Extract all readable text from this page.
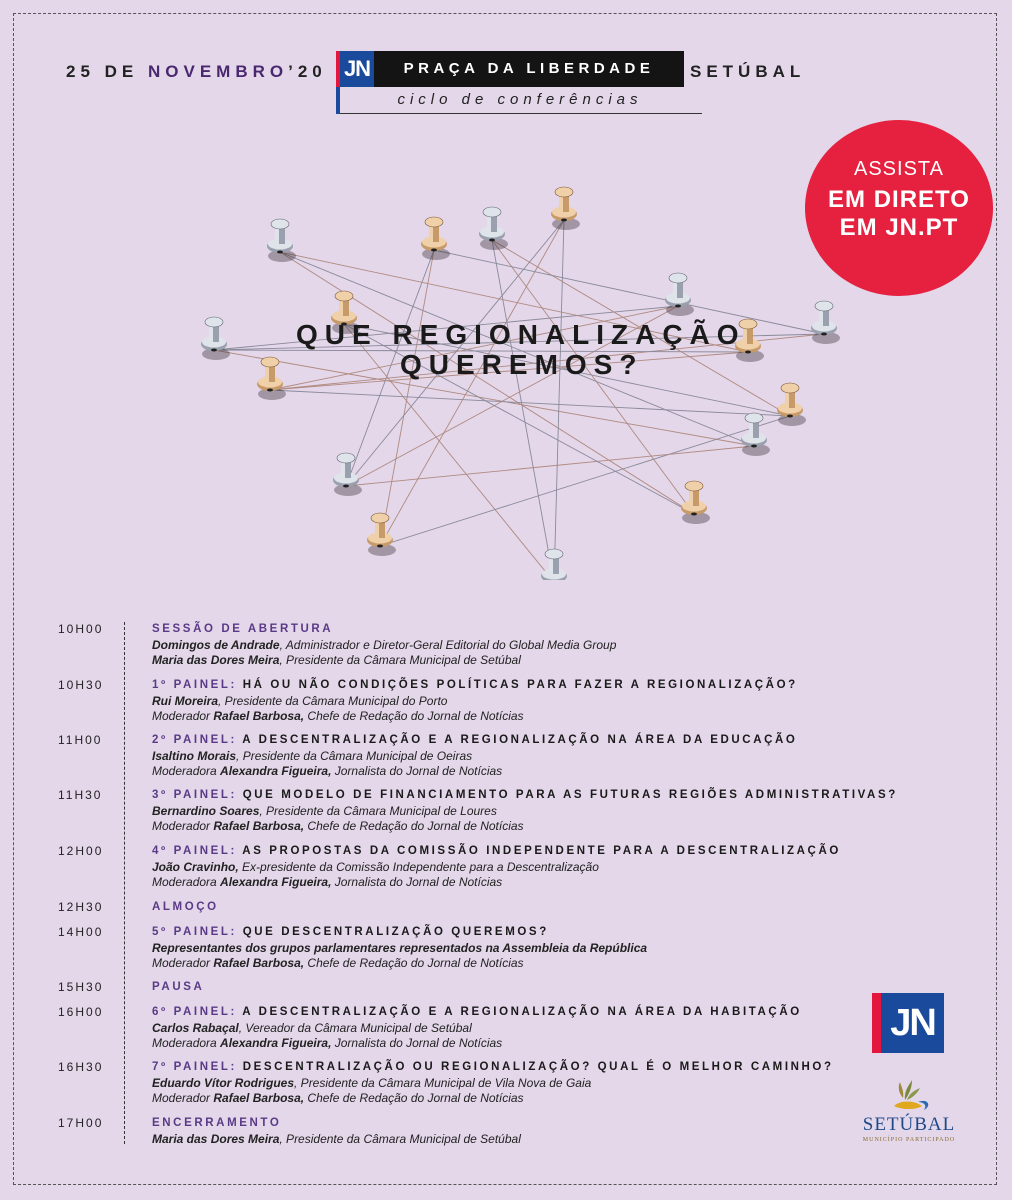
25 DE NOVEMBRO’20 JN	PRAÇA DA LIBERDADE	SETÚBAL
ciclo de conferências
ASSISTA
EM DIRETO
EM JN.PT
QUE REGIONALIZAÇÃO
QUEREMOS?
10H00	SESSÃO DE ABERTURA
Domingos de Andrade, Administrador e Diretor-Geral Editorial do Global Media Group
Maria das Dores Meira, Presidente da Câmara Municipal de Setúbal
10H30	1º PAINEL: HÁ OU NÃO CONDIÇÕES POLÍTICAS PARA FAZER A REGIONALIZAÇÃO?
Rui Moreira, Presidente da Câmara Municipal do Porto
Moderador Rafael Barbosa, Chefe de Redação do Jornal de Notícias
11H00	2º PAINEL: A DESCENTRALIZAÇÃO E A REGIONALIZAÇÃO NA ÁREA DA EDUCAÇÃO
Isaltino Morais, Presidente da Câmara Municipal de Oeiras
Moderadora Alexandra Figueira, Jornalista do Jornal de Notícias
11H30	3º PAINEL: QUE MODELO DE FINANCIAMENTO PARA AS FUTURAS REGIÕES ADMINISTRATIVAS?
Bernardino Soares, Presidente da Câmara Municipal de Loures
Moderador Rafael Barbosa, Chefe de Redação do Jornal de Notícias
12H00	4º PAINEL: AS PROPOSTAS DA COMISSÃO INDEPENDENTE PARA A DESCENTRALIZAÇÃO
João Cravinho, Ex-presidente da Comissão Independente para a Descentralização
Moderadora Alexandra Figueira, Jornalista do Jornal de Notícias
12H30	ALMOÇO
14H00	5º PAINEL: QUE DESCENTRALIZAÇÃO QUEREMOS?
Representantes dos grupos parlamentares representados na Assembleia da República
Moderador Rafael Barbosa, Chefe de Redação do Jornal de Notícias
15H30	PAUSA
16H00	6º PAINEL: A DESCENTRALIZAÇÃO E A REGIONALIZAÇÃO NA ÁREA DA HABITAÇÃO
Carlos Rabaçal, Vereador da Câmara Municipal de Setúbal
Moderadora Alexandra Figueira, Jornalista do Jornal de Notícias
16H30	7º PAINEL: DESCENTRALIZAÇÃO OU REGIONALIZAÇÃO? QUAL É O MELHOR CAMINHO?
Eduardo Vítor Rodrigues, Presidente da Câmara Municipal de Vila Nova de Gaia
Moderador Rafael Barbosa, Chefe de Redação do Jornal de Notícias
17H00	ENCERRAMENTO
Maria das Dores Meira, Presidente da Câmara Municipal de Setúbal
JN
SETÚBAL
MUNICÍPIO PARTICIPADO
